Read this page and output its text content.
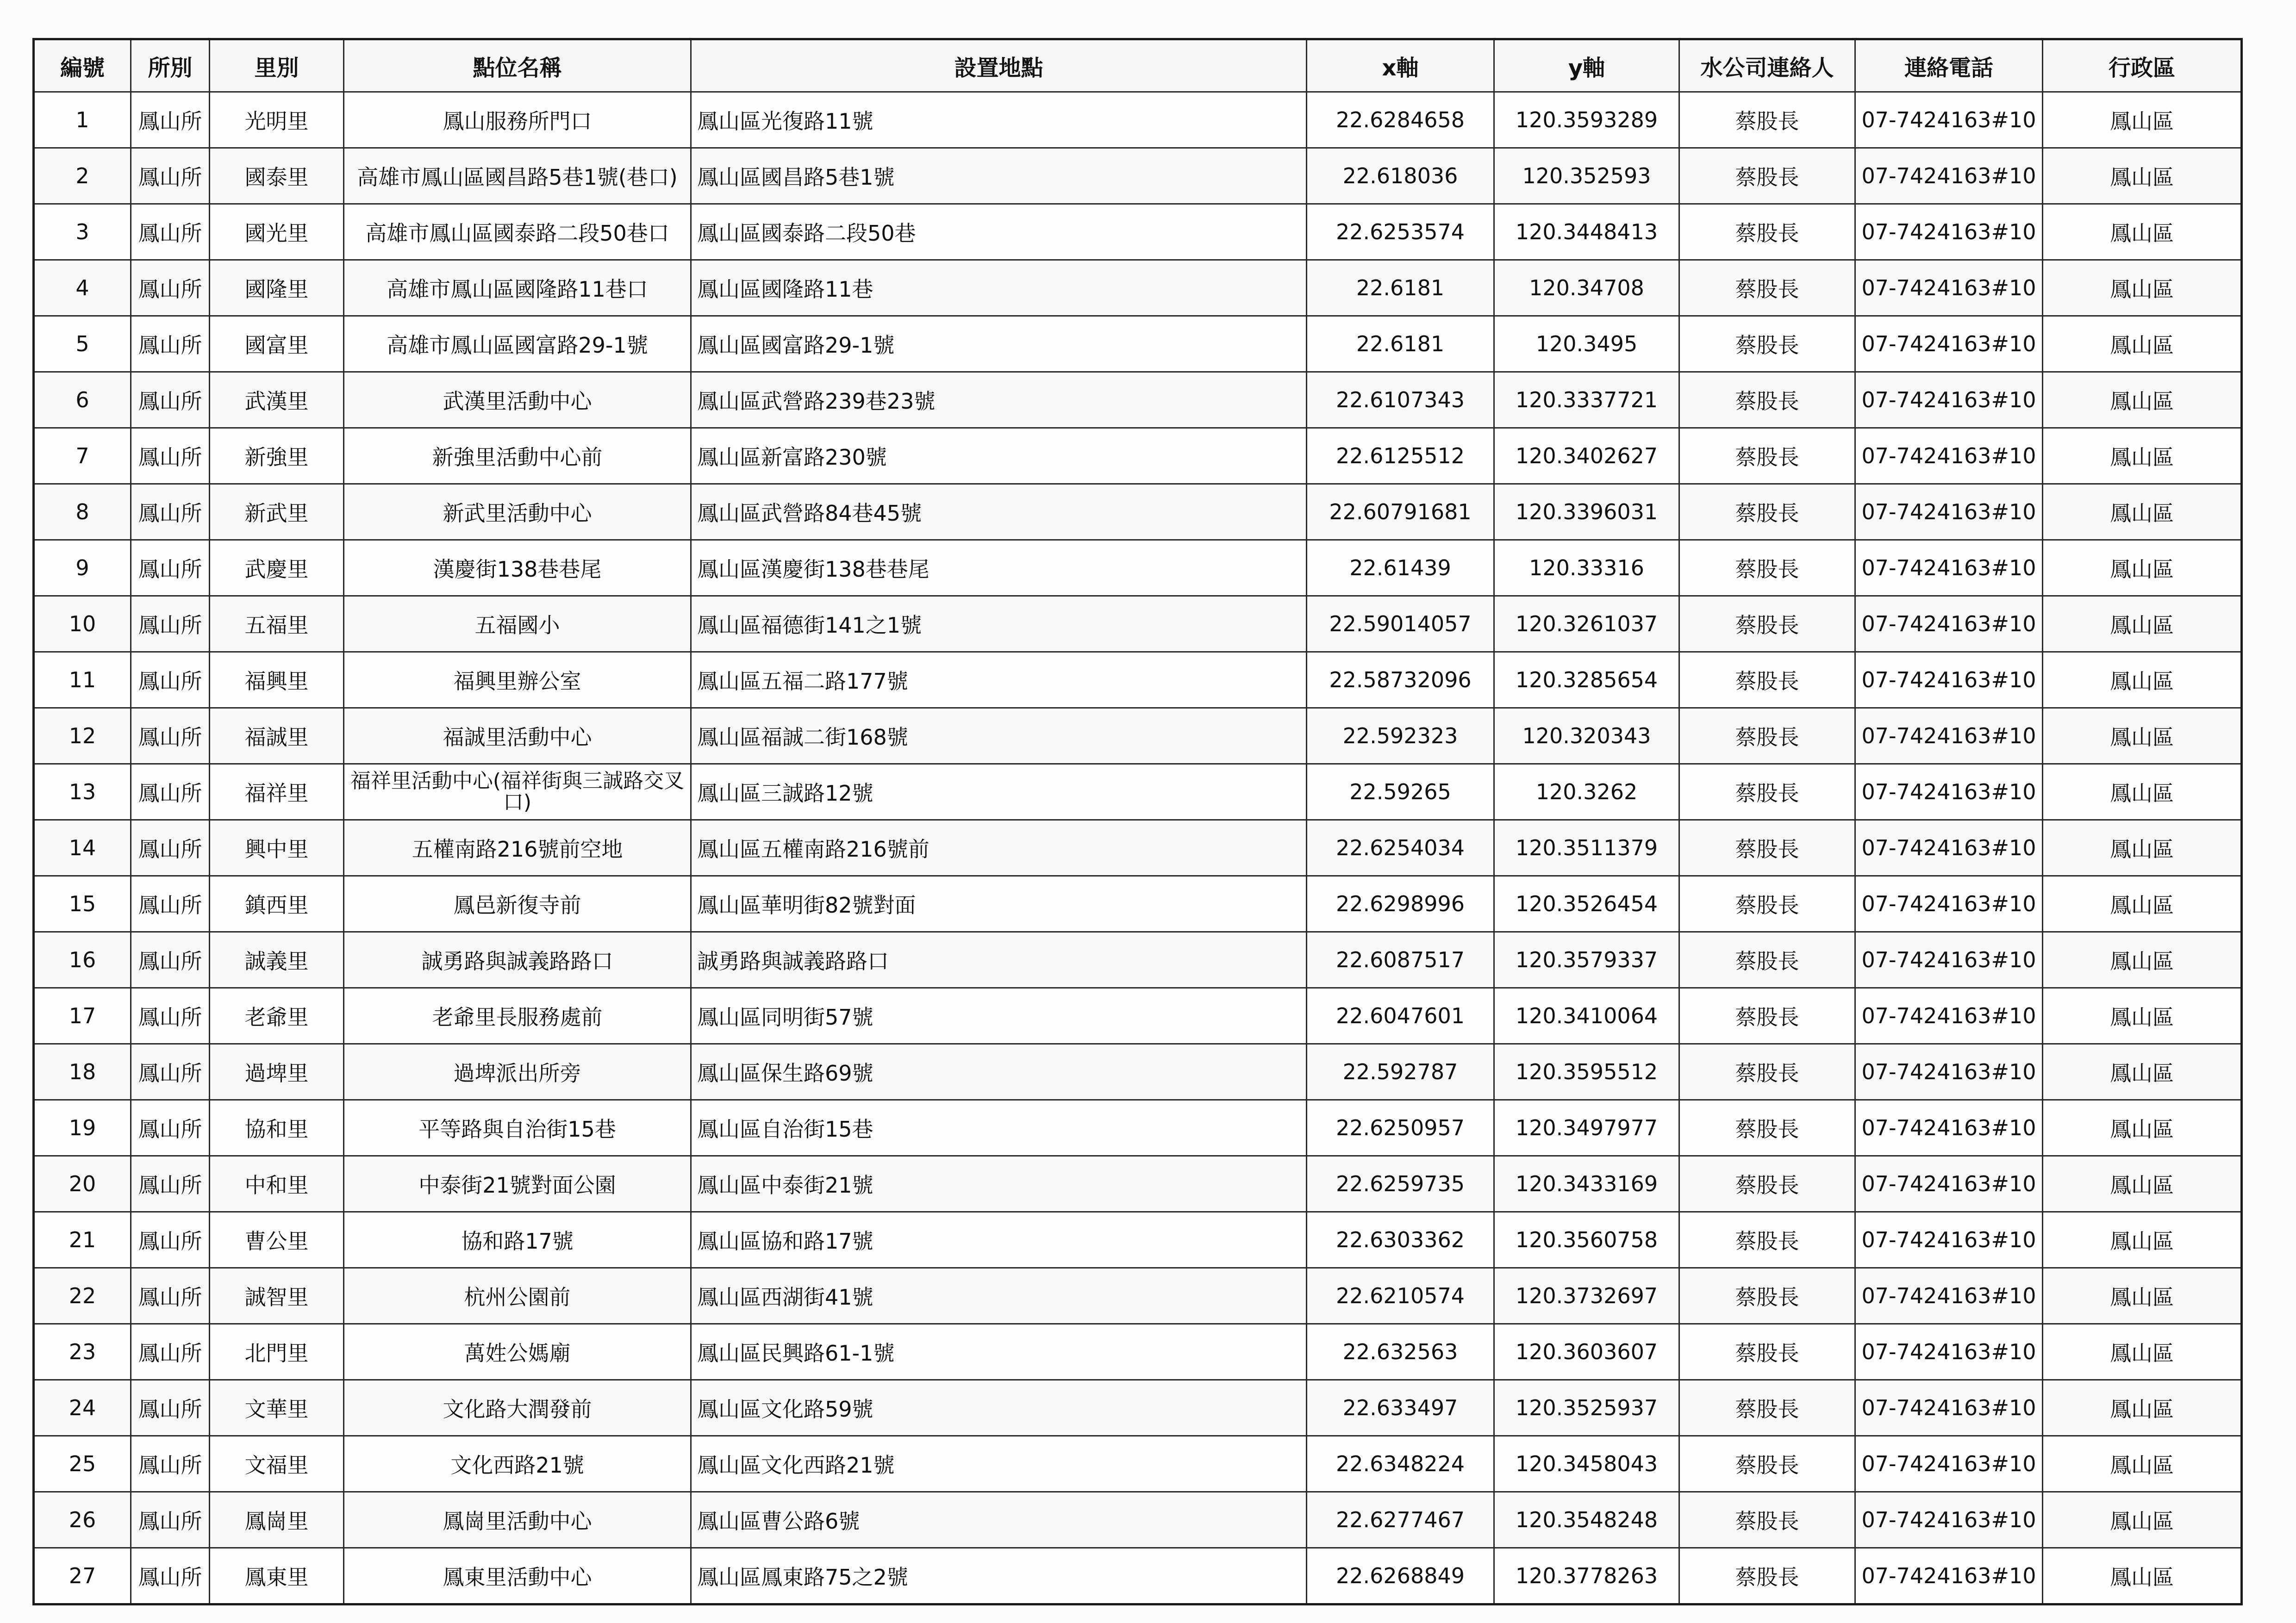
編號	所別	里別	點位名稱	設置地點	x軸	y軸	水公司連絡人	連絡電話	行政區
1	鳳山所	光明里	鳳山服務所門口	鳳山區光復路11號	22.6284658	120.3593289	蔡股長	07-7424163#10	鳳山區
2	鳳山所	國泰里	高雄市鳳山區國昌路5巷1號(巷口)	鳳山區國昌路5巷1號	22.618036	120.352593	蔡股長	07-7424163#10	鳳山區
3	鳳山所	國光里	高雄市鳳山區國泰路二段50巷口	鳳山區國泰路二段50巷	22.6253574	120.3448413	蔡股長	07-7424163#10	鳳山區
4	鳳山所	國隆里	高雄市鳳山區國隆路11巷口	鳳山區國隆路11巷	22.6181	120.34708	蔡股長	07-7424163#10	鳳山區
5	鳳山所	國富里	高雄市鳳山區國富路29-1號	鳳山區國富路29-1號	22.6181	120.3495	蔡股長	07-7424163#10	鳳山區
6	鳳山所	武漢里	武漢里活動中心	鳳山區武營路239巷23號	22.6107343	120.3337721	蔡股長	07-7424163#10	鳳山區
7	鳳山所	新強里	新強里活動中心前	鳳山區新富路230號	22.6125512	120.3402627	蔡股長	07-7424163#10	鳳山區
8	鳳山所	新武里	新武里活動中心	鳳山區武營路84巷45號	22.60791681	120.3396031	蔡股長	07-7424163#10	鳳山區
9	鳳山所	武慶里	漢慶街138巷巷尾	鳳山區漢慶街138巷巷尾	22.61439	120.33316	蔡股長	07-7424163#10	鳳山區
10	鳳山所	五福里	五福國小	鳳山區福德街141之1號	22.59014057	120.3261037	蔡股長	07-7424163#10	鳳山區
11	鳳山所	福興里	福興里辦公室	鳳山區五福二路177號	22.58732096	120.3285654	蔡股長	07-7424163#10	鳳山區
12	鳳山所	福誠里	福誠里活動中心	鳳山區福誠二街168號	22.592323	120.320343	蔡股長	07-7424163#10	鳳山區
13	鳳山所	福祥里	福祥里活動中心(福祥街與三誠路交叉口)	鳳山區三誠路12號	22.59265	120.3262	蔡股長	07-7424163#10	鳳山區
14	鳳山所	興中里	五權南路216號前空地	鳳山區五權南路216號前	22.6254034	120.3511379	蔡股長	07-7424163#10	鳳山區
15	鳳山所	鎮西里	鳳邑新復寺前	鳳山區華明街82號對面	22.6298996	120.3526454	蔡股長	07-7424163#10	鳳山區
16	鳳山所	誠義里	誠勇路與誠義路路口	誠勇路與誠義路路口	22.6087517	120.3579337	蔡股長	07-7424163#10	鳳山區
17	鳳山所	老爺里	老爺里長服務處前	鳳山區同明街57號	22.6047601	120.3410064	蔡股長	07-7424163#10	鳳山區
18	鳳山所	過埤里	過埤派出所旁	鳳山區保生路69號	22.592787	120.3595512	蔡股長	07-7424163#10	鳳山區
19	鳳山所	協和里	平等路與自治街15巷	鳳山區自治街15巷	22.6250957	120.3497977	蔡股長	07-7424163#10	鳳山區
20	鳳山所	中和里	中泰街21號對面公園	鳳山區中泰街21號	22.6259735	120.3433169	蔡股長	07-7424163#10	鳳山區
21	鳳山所	曹公里	協和路17號	鳳山區協和路17號	22.6303362	120.3560758	蔡股長	07-7424163#10	鳳山區
22	鳳山所	誠智里	杭州公園前	鳳山區西湖街41號	22.6210574	120.3732697	蔡股長	07-7424163#10	鳳山區
23	鳳山所	北門里	萬姓公媽廟	鳳山區民興路61-1號	22.632563	120.3603607	蔡股長	07-7424163#10	鳳山區
24	鳳山所	文華里	文化路大潤發前	鳳山區文化路59號	22.633497	120.3525937	蔡股長	07-7424163#10	鳳山區
25	鳳山所	文福里	文化西路21號	鳳山區文化西路21號	22.6348224	120.3458043	蔡股長	07-7424163#10	鳳山區
26	鳳山所	鳳崗里	鳳崗里活動中心	鳳山區曹公路6號	22.6277467	120.3548248	蔡股長	07-7424163#10	鳳山區
27	鳳山所	鳳東里	鳳東里活動中心	鳳山區鳳東路75之2號	22.6268849	120.3778263	蔡股長	07-7424163#10	鳳山區
